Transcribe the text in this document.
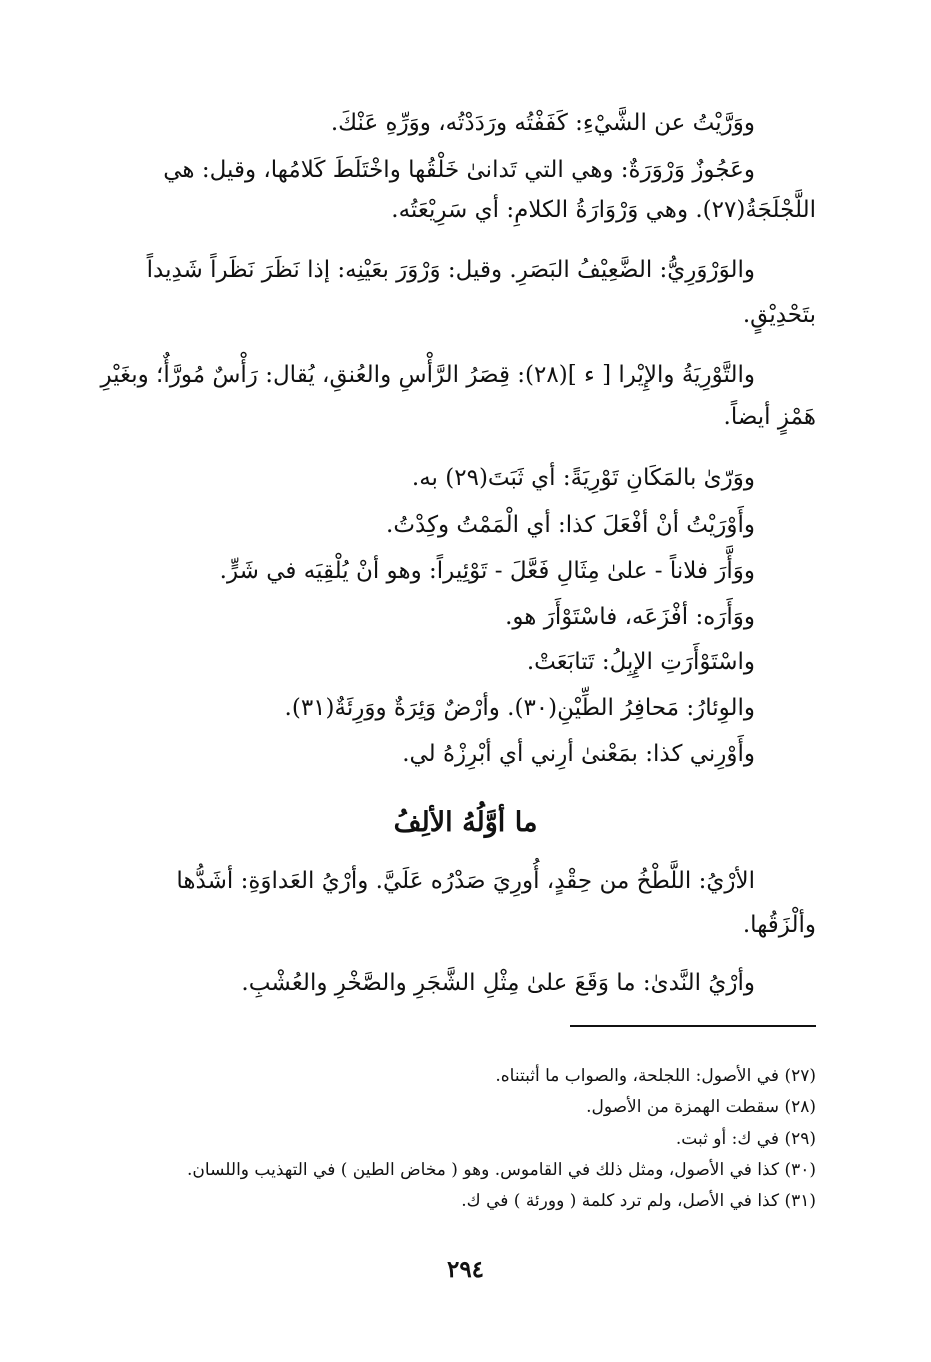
ووَرَّيْتُ عن الشَّيْءِ: كَفَفْتُه ورَدَدْتُه، ووَرِّهِ عَنْكَ.
وعَجُوزٌ وَرْوَرَةٌ: وهي التي تَدانىٰ خَلْقُها واخْتَلَطَ كَلامُها، وقيل: هي
اللَّجْلَجَةُ(٢٧). وهي وَرْوَارَةُ الكلامِ: أي سَرِيْعَتُه.
والوَرْوَرِيُّ: الضَّعِيْفُ البَصَرِ. وقيل: وَرْوَرَ بعَيْنِه: إذا نَظَرَ نَظَراً شَدِيداً
بتَحْدِيْقٍ.
والتَّوْرِيَةُ والإِيْرا [ ء ](٢٨): قِصَرُ الرَّأْسِ والعُنقِ، يُقال: رَأْسٌ مُورَّأٌ؛ وبغَيْرِ
هَمْزٍ أيضاً.
ووَرّىٰ بالمَكَانِ تَوْرِيَةً: أي ثَبَتَ(٢٩) به.
وأَوْرَيْتُ أنْ أفْعَلَ كذا: أي الْمَمْتُ وكِدْتُ.
ووَأَّرَ فلاناً - علىٰ مِثَالِ فَعَّلَ - تَوْئِيراً: وهو أنْ يُلْقِيَه في شَرٍّ.
ووَأَرَه: أفْزَعَه، فاسْتَوْأَرَ هو.
واسْتَوْأَرَتِ الإِبِلُ: تَتابَعَتْ.
والوِئارُ: مَحافِرُ الطِّيْنِ(٣٠). وأرْضٌ وَئِرَةٌ ووَرِئَةٌ(٣١).
وأَوْرِني كذا: بمَعْنىٰ أرِني أي أبْرِزْهُ لي.
ما أوَّلُهُ الألِفُ
الأرْيُ: اللَّطْخُ من حِقْدٍ، أُورِيَ صَدْرُه عَلَيَّ. وأرْيُ العَداوَةِ: أشَدُّها
وألْزَقُها.
وأرْيُ النَّدىٰ: ما وَقَعَ علىٰ مِثْلِ الشَّجَرِ والصَّخْرِ والعُشْبِ.
(٢٧) في الأصول: اللجلحة، والصواب ما أثبتناه.
(٢٨) سقطت الهمزة من الأصول.
(٢٩) في ك: أو ثبت.
(٣٠) كذا في الأصول، ومثل ذلك في القاموس. وهو ( مخاض الطين ) في التهذيب واللسان.
(٣١) كذا في الأصل، ولم ترد كلمة ( وورئة ) في ك.
٢٩٤
